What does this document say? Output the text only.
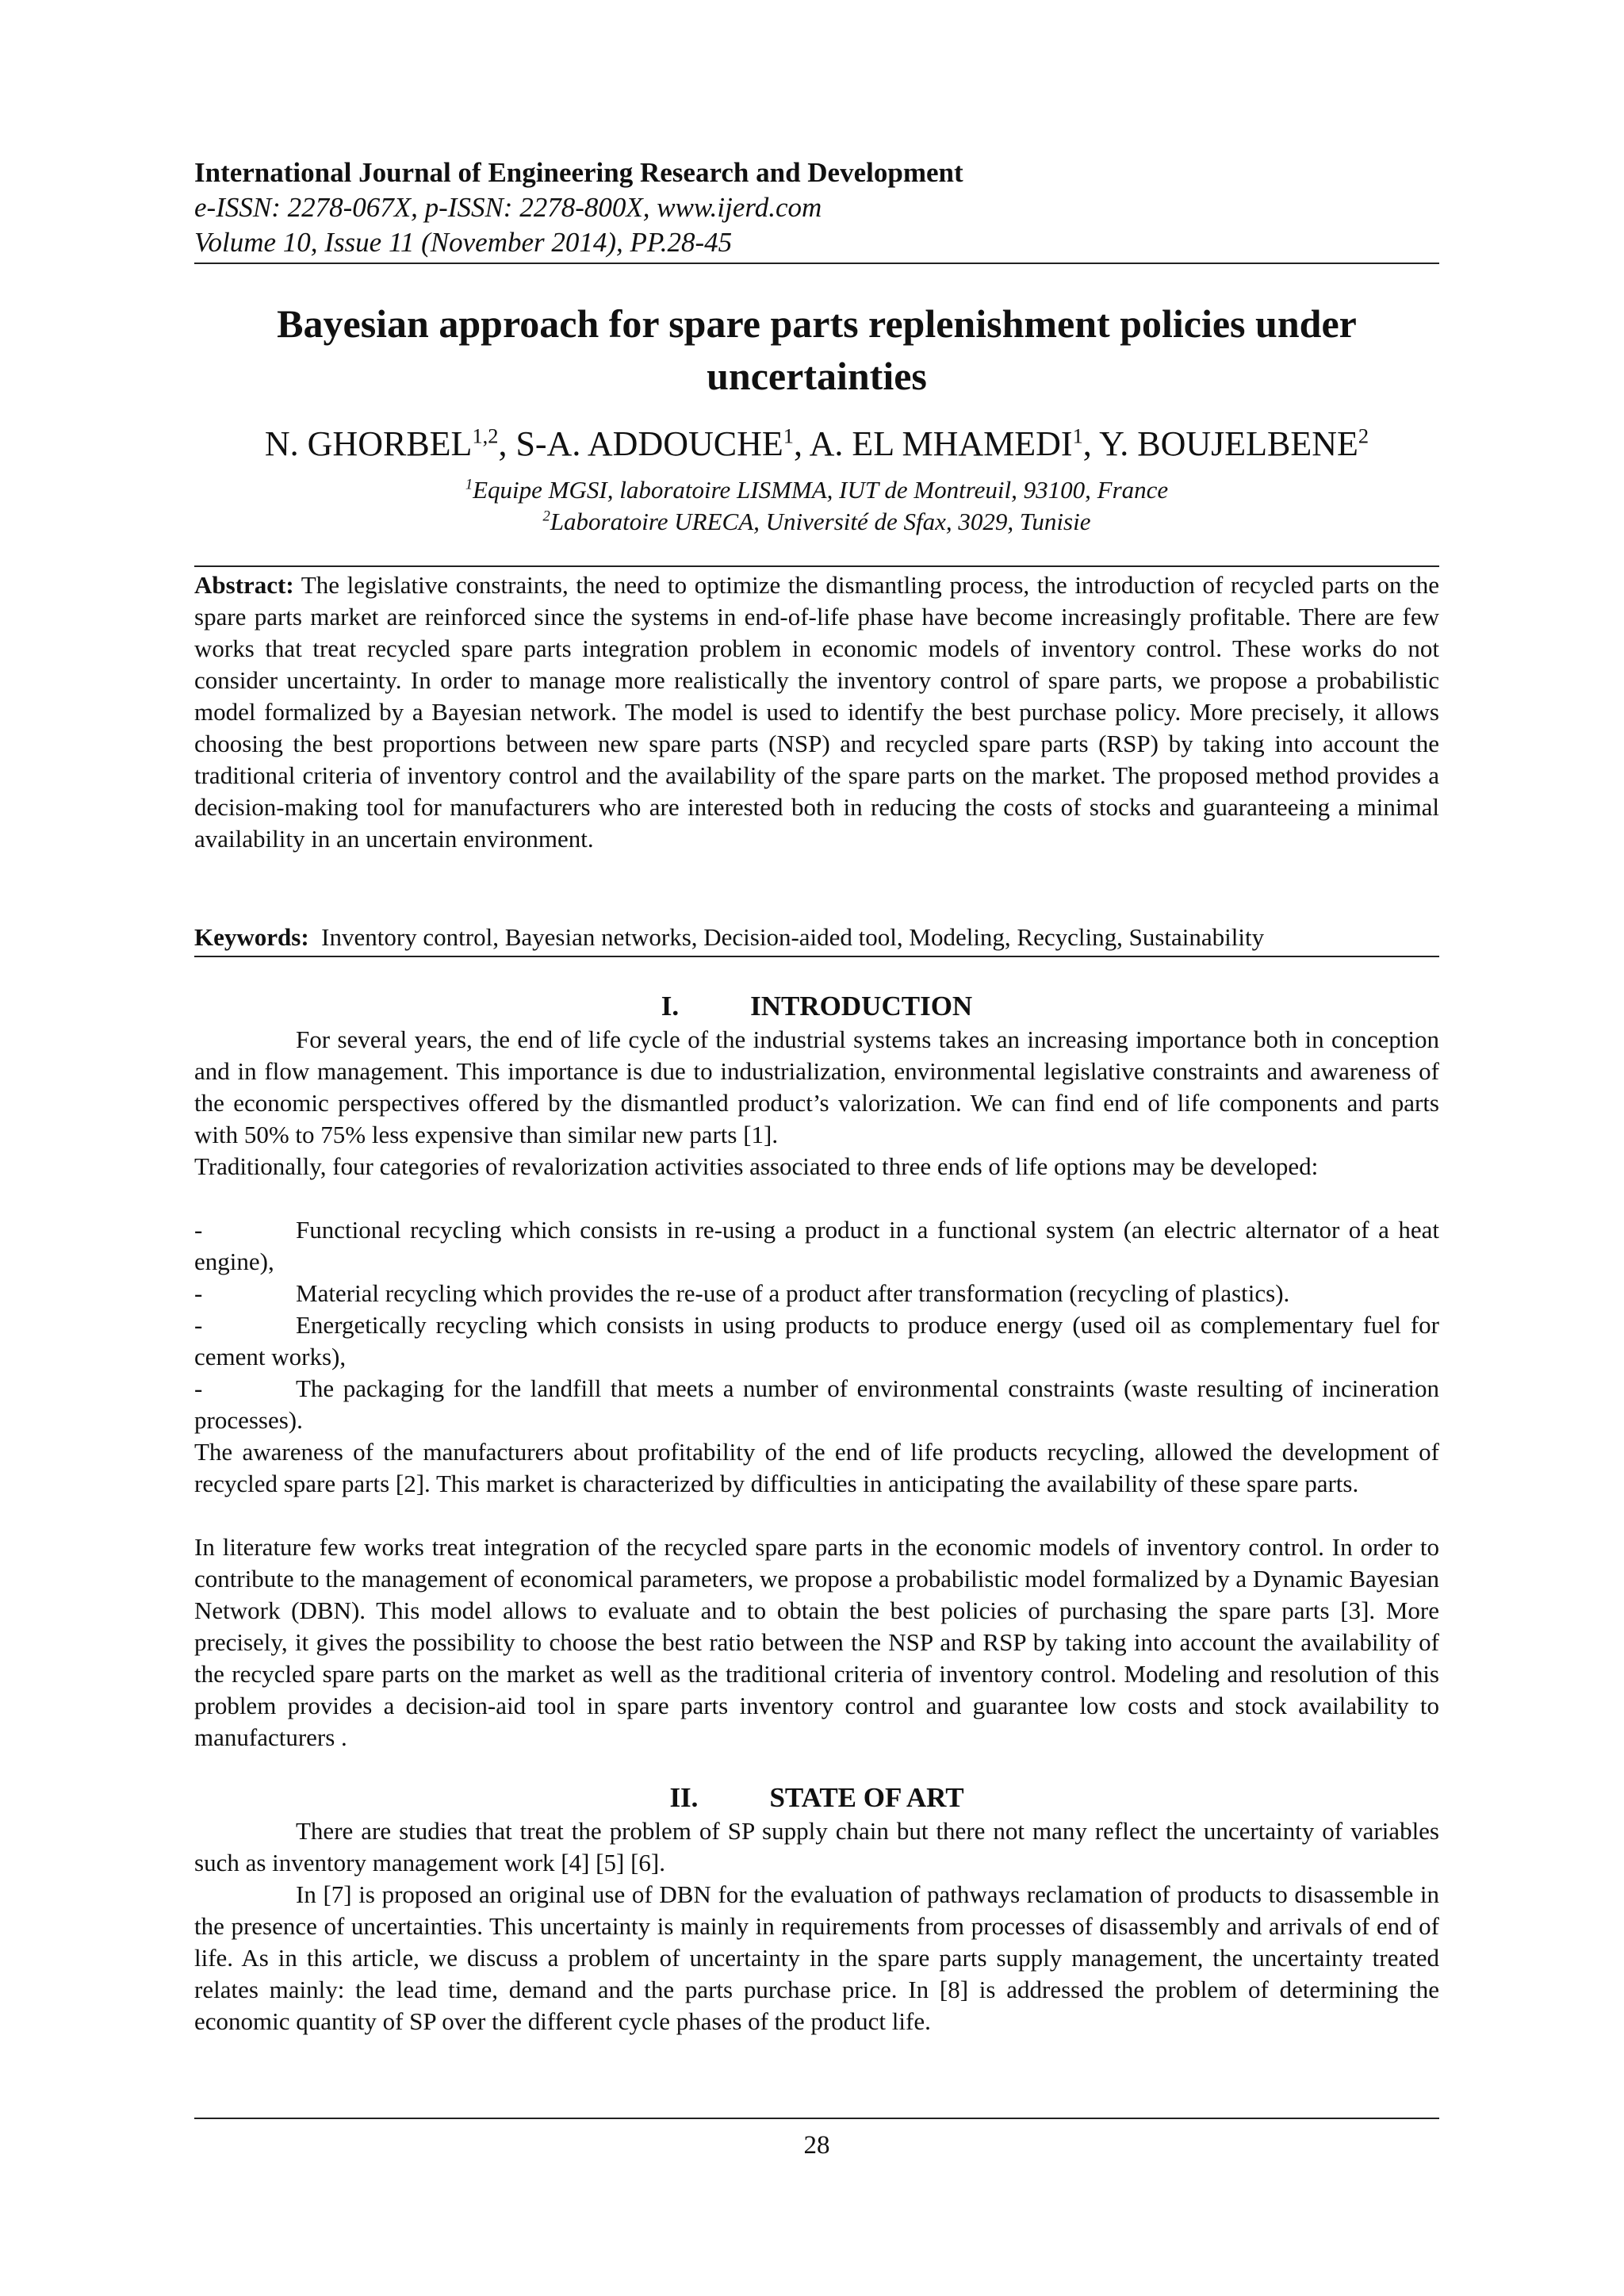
International Journal of Engineering Research and Development
e-ISSN: 2278-067X, p-ISSN: 2278-800X, www.ijerd.com
Volume 10, Issue 11 (November 2014), PP.28-45
Bayesian approach for spare parts replenishment policies under uncertainties
N. GHORBEL$^{1,2}$, S-A. ADDOUCHE$^1$, A. EL MHAMEDI$^1$, Y. BOUJELBENE$^2$
$^1$Equipe MGSI, laboratoire LISMMA, IUT de Montreuil, 93100, France
$^2$Laboratoire URECA, Université de Sfax, 3029, Tunisie
Abstract: The legislative constraints, the need to optimize the dismantling process, the introduction of recycled parts on the spare parts market are reinforced since the systems in end-of-life phase have become increasingly profitable. There are few works that treat recycled spare parts integration problem in economic models of inventory control. These works do not consider uncertainty. In order to manage more realistically the inventory control of spare parts, we propose a probabilistic model formalized by a Bayesian network. The model is used to identify the best purchase policy. More precisely, it allows choosing the best proportions between new spare parts (NSP) and recycled spare parts (RSP) by taking into account the traditional criteria of inventory control and the availability of the spare parts on the market. The proposed method provides a decision-making tool for manufacturers who are interested both in reducing the costs of stocks and guaranteeing a minimal availability in an uncertain environment.
Keywords: Inventory control, Bayesian networks, Decision-aided tool, Modeling, Recycling, Sustainability
I.	INTRODUCTION
For several years, the end of life cycle of the industrial systems takes an increasing importance both in conception and in flow management. This importance is due to industrialization, environmental legislative constraints and awareness of the economic perspectives offered by the dismantled product’s valorization. We can find end of life components and parts with 50% to 75% less expensive than similar new parts [1].
Traditionally, four categories of revalorization activities associated to three ends of life options may be developed:
-	Functional recycling which consists in re-using a product in a functional system (an electric alternator of a heat engine),
-	Material recycling which provides the re-use of a product after transformation (recycling of plastics).
-	Energetically recycling which consists in using products to produce energy (used oil as complementary fuel for cement works),
-	The packaging for the landfill that meets a number of environmental constraints (waste resulting of incineration processes).
The awareness of the manufacturers about profitability of the end of life products recycling, allowed the development of recycled spare parts [2]. This market is characterized by difficulties in anticipating the availability of these spare parts.
In literature few works treat integration of the recycled spare parts in the economic models of inventory control. In order to contribute to the management of economical parameters, we propose a probabilistic model formalized by a Dynamic Bayesian Network (DBN). This model allows to evaluate and to obtain the best policies of purchasing the spare parts [3]. More precisely, it gives the possibility to choose the best ratio between the NSP and RSP by taking into account the availability of the recycled spare parts on the market as well as the traditional criteria of inventory control. Modeling and resolution of this problem provides a decision-aid tool in spare parts inventory control and guarantee low costs and stock availability to manufacturers .
II.	STATE OF ART
There are studies that treat the problem of SP supply chain but there not many reflect the uncertainty of variables such as inventory management work [4] [5] [6].
In [7] is proposed an original use of DBN for the evaluation of pathways reclamation of products to disassemble in the presence of uncertainties. This uncertainty is mainly in requirements from processes of disassembly and arrivals of end of life. As in this article, we discuss a problem of uncertainty in the spare parts supply management, the uncertainty treated relates mainly: the lead time, demand and the parts purchase price. In [8] is addressed the problem of determining the economic quantity of SP over the different cycle phases of the product life.
28
